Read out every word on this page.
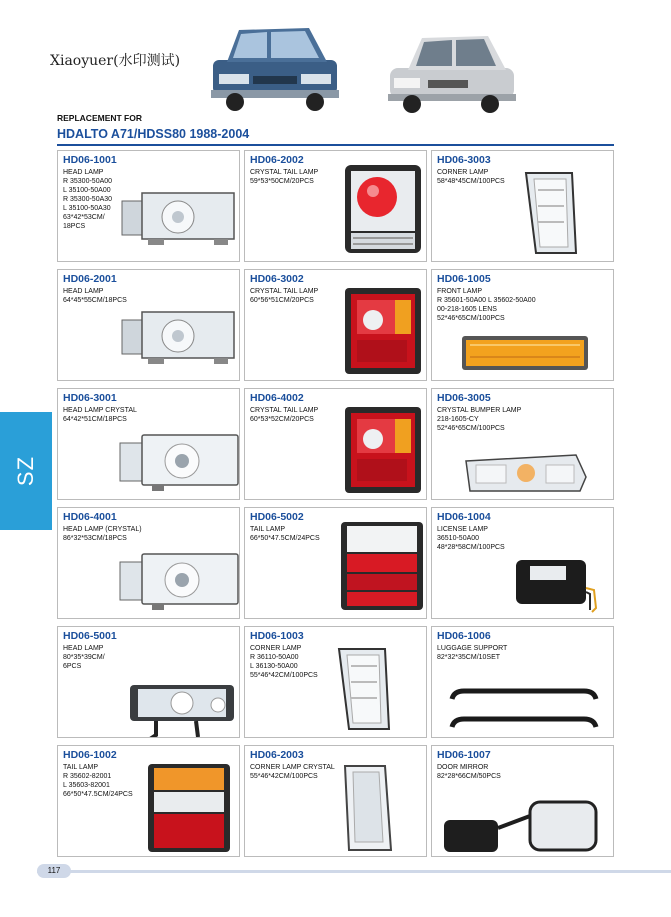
Xiaoyuer(水印测试)
REPLACEMENT FOR
HDALTO A71/HDSS80 1988-2004
SZ
HD06-1001
HEAD LAMP
R 35300-50A00
L 35100-50A00
R 35300-50A30
L 35100-50A30
63*42*53CM/
18PCS
HD06-2002
CRYSTAL TAIL LAMP
59*53*50CM/20PCS
HD06-3003
CORNER LAMP
58*48*45CM/100PCS
HD06-2001
HEAD LAMP
64*45*55CM/18PCS
HD06-3002
CRYSTAL TAIL LAMP
60*56*51CM/20PCS
HD06-1005
FRONT LAMP
R 35601-50A00 L 35602-50A00
00-218-1605 LENS
52*46*65CM/100PCS
HD06-3001
HEAD LAMP CRYSTAL
64*42*51CM/18PCS
HD06-4002
CRYSTAL TAIL LAMP
60*53*52CM/20PCS
HD06-3005
CRYSTAL BUMPER LAMP
218-1605-CY
52*46*65CM/100PCS
HD06-4001
HEAD LAMP (CRYSTAL)
86*32*53CM/18PCS
HD06-5002
TAIL LAMP
66*50*47.5CM/24PCS
HD06-1004
LICENSE LAMP
36510-50A00
48*28*58CM/100PCS
HD06-5001
HEAD LAMP
80*35*39CM/
6PCS
HD06-1003
CORNER LAMP
R 36110-50A00
L 36130-50A00
55*46*42CM/100PCS
HD06-1006
LUGGAGE SUPPORT
82*32*35CM/10SET
HD06-1002
TAIL LAMP
R 35602-82001
L 35603-82001
66*50*47.5CM/24PCS
HD06-2003
CORNER LAMP CRYSTAL
55*46*42CM/100PCS
HD06-1007
DOOR MIRROR
82*28*66CM/50PCS
117
